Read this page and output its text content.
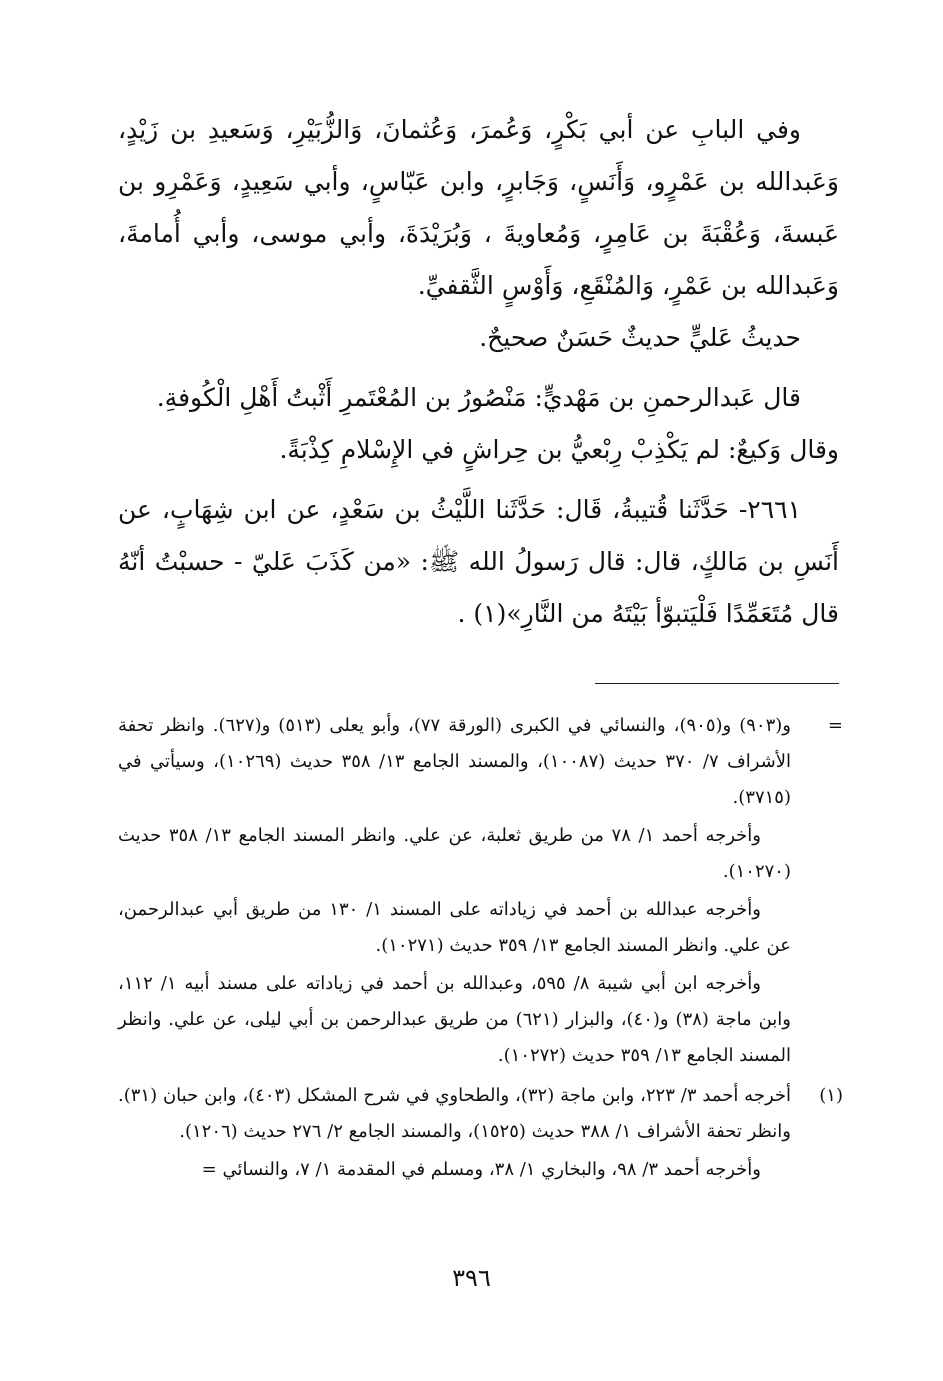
وفي البابِ عن أبي بَكْرٍ، وَعُمرَ، وَعُثمانَ، وَالزُّبَيْرِ، وَسَعيدِ بن زَيْدٍ، وَعَبدالله بن عَمْرٍو، وَأَنَسٍ، وَجَابرٍ، وابن عَبّاسٍ، وأبي سَعِيدٍ، وَعَمْرِو بن عَبسةَ، وَعُقْبَةَ بن عَامِرٍ، وَمُعاويةَ ، وَبُرَيْدَةَ، وأبي موسى، وأبي أُمامةَ، وَعَبدالله بن عَمْرٍ، وَالمُنْقَعِ، وَأَوْسٍ الثَّقفيِّ.

حديثُ عَليٍّ حديثٌ حَسَنٌ صحيحٌ.

قال عَبدالرحمنِ بن مَهْديٍّ: مَنْصُورُ بن المُعْتَمرِ أَثْبتُ أَهْلِ الْكُوفةِ.

وقال وَكيعٌ: لم يَكْذِبْ رِبْعيُّ بن حِراشٍ في الإِسْلامِ كِذْبَةً.

٢٦٦١- حَدَّثَنا قُتيبةُ، قَال: حَدَّثَنا اللَّيْثُ بن سَعْدٍ، عن ابن شِهَابٍ، عن أَنَسِ بن مَالكٍ، قال: قال رَسولُ الله ﷺ: «من كَذَبَ عَليّ - حسبْتُ أنّهُ قال مُتَعَمِّدًا فَلْيَتبوّأ بَيْتَهُ من النَّارِ»(١) .

=

و(٩٠٣) و(٩٠٥)، والنسائي في الكبرى (الورقة ٧٧)، وأبو يعلى (٥١٣) و(٦٢٧). وانظر تحفة الأشراف ٧/ ٣٧٠ حديث (١٠٠٨٧)، والمسند الجامع ١٣/ ٣٥٨ حديث (١٠٢٦٩)، وسيأتي في (٣٧١٥).

وأخرجه أحمد ١/ ٧٨ من طريق ثعلبة، عن علي. وانظر المسند الجامع ١٣/ ٣٥٨ حديث (١٠٢٧٠).

وأخرجه عبدالله بن أحمد في زياداته على المسند ١/ ١٣٠ من طريق أبي عبدالرحمن، عن علي. وانظر المسند الجامع ١٣/ ٣٥٩ حديث (١٠٢٧١).

وأخرجه ابن أبي شيبة ٨/ ٥٩٥، وعبدالله بن أحمد في زياداته على مسند أبيه ١/ ١١٢، وابن ماجة (٣٨) و(٤٠)، والبزار (٦٢١) من طريق عبدالرحمن بن أبي ليلى، عن علي. وانظر المسند الجامع ١٣/ ٣٥٩ حديث (١٠٢٧٢).

(١)

أخرجه أحمد ٣/ ٢٢٣، وابن ماجة (٣٢)، والطحاوي في شرح المشكل (٤٠٣)، وابن حبان (٣١). وانظر تحفة الأشراف ١/ ٣٨٨ حديث (١٥٢٥)، والمسند الجامع ٢/ ٢٧٦ حديث (١٢٠٦).

وأخرجه أحمد ٣/ ٩٨، والبخاري ١/ ٣٨، ومسلم في المقدمة ١/ ٧، والنسائي =

٣٩٦
